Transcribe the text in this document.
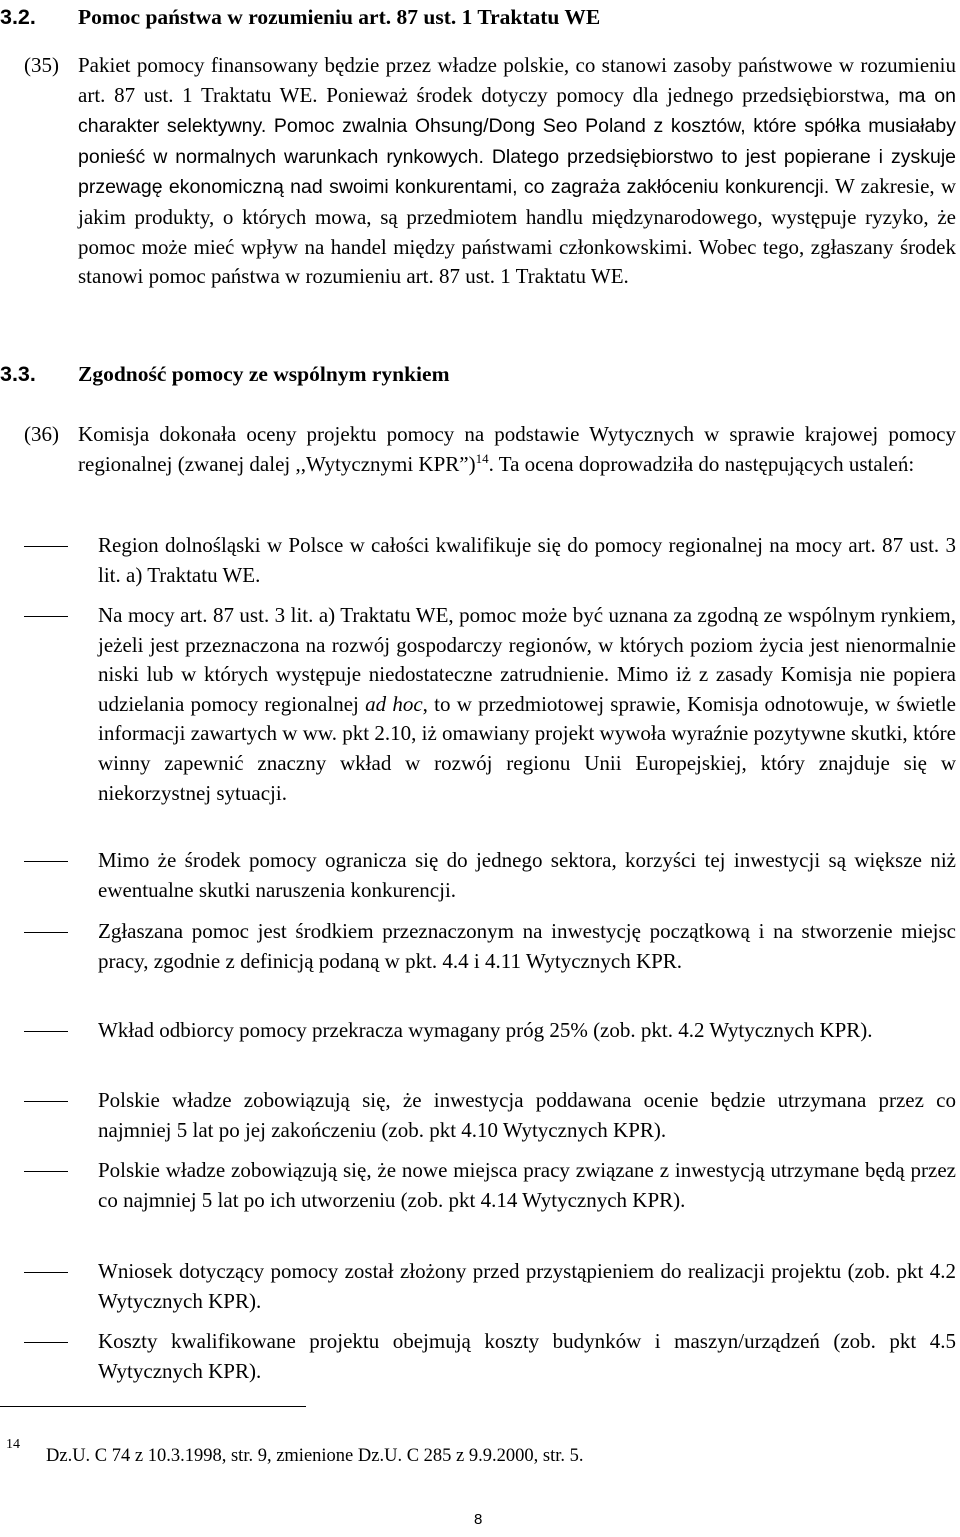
3.2. Pomoc państwa w rozumieniu art. 87 ust. 1 Traktatu WE
(35) Pakiet pomocy finansowany będzie przez władze polskie, co stanowi zasoby państwowe w rozumieniu art. 87 ust. 1 Traktatu WE. Ponieważ środek dotyczy pomocy dla jednego przedsiębiorstwa, ma on charakter selektywny. Pomoc zwalnia Ohsung/Dong Seo Poland z kosztów, które spółka musiałaby ponieść w normalnych warunkach rynkowych. Dlatego przedsiębiorstwo to jest popierane i zyskuje przewagę ekonomiczną nad swoimi konkurentami, co zagraża zakłóceniu konkurencji. W zakresie, w jakim produkty, o których mowa, są przedmiotem handlu międzynarodowego, występuje ryzyko, że pomoc może mieć wpływ na handel między państwami członkowskimi. Wobec tego, zgłaszany środek stanowi pomoc państwa w rozumieniu art. 87 ust. 1 Traktatu WE.

3.3. Zgodność pomocy ze wspólnym rynkiem
(36) Komisja dokonała oceny projektu pomocy na podstawie Wytycznych w sprawie krajowej pomocy regionalnej (zwanej dalej ,,Wytycznymi KPR”)$^{14}$. Ta ocena doprowadziła do następujących ustaleń:

Region dolnośląski w Polsce w całości kwalifikuje się do pomocy regionalnej na mocy art. 87 ust. 3 lit. a) Traktatu WE.

Na mocy art. 87 ust. 3 lit. a) Traktatu WE, pomoc może być uznana za zgodną ze wspólnym rynkiem, jeżeli jest przeznaczona na rozwój gospodarczy regionów, w których poziom życia jest nienormalnie niski lub w których występuje niedostateczne zatrudnienie. Mimo iż z zasady Komisja nie popiera udzielania pomocy regionalnej ad hoc, to w przedmiotowej sprawie, Komisja odnotowuje, w świetle informacji zawartych w ww. pkt 2.10, iż omawiany projekt wywoła wyraźnie pozytywne skutki, które winny zapewnić znaczny wkład w rozwój regionu Unii Europejskiej, który znajduje się w niekorzystnej sytuacji.

Mimo że środek pomocy ogranicza się do jednego sektora, korzyści tej inwestycji są większe niż ewentualne skutki naruszenia konkurencji.

Zgłaszana pomoc jest środkiem przeznaczonym na inwestycję początkową i na stworzenie miejsc pracy, zgodnie z definicją podaną w pkt. 4.4 i 4.11 Wytycznych KPR.

Wkład odbiorcy pomocy przekracza wymagany próg 25% (zob. pkt. 4.2 Wytycznych KPR).

Polskie władze zobowiązują się, że inwestycja poddawana ocenie będzie utrzymana przez co najmniej 5 lat po jej zakończeniu (zob. pkt 4.10 Wytycznych KPR).

Polskie władze zobowiązują się, że nowe miejsca pracy związane z inwestycją utrzymane będą przez co najmniej 5 lat po ich utworzeniu (zob. pkt 4.14 Wytycznych KPR).

Wniosek dotyczący pomocy został złożony przed przystąpieniem do realizacji projektu (zob. pkt 4.2 Wytycznych KPR).

Koszty kwalifikowane projektu obejmują koszty budynków i maszyn/urządzeń (zob. pkt 4.5 Wytycznych KPR).

14
Dz.U. C 74 z 10.3.1998, str. 9, zmienione Dz.U. C 285 z 9.9.2000, str. 5.
8
